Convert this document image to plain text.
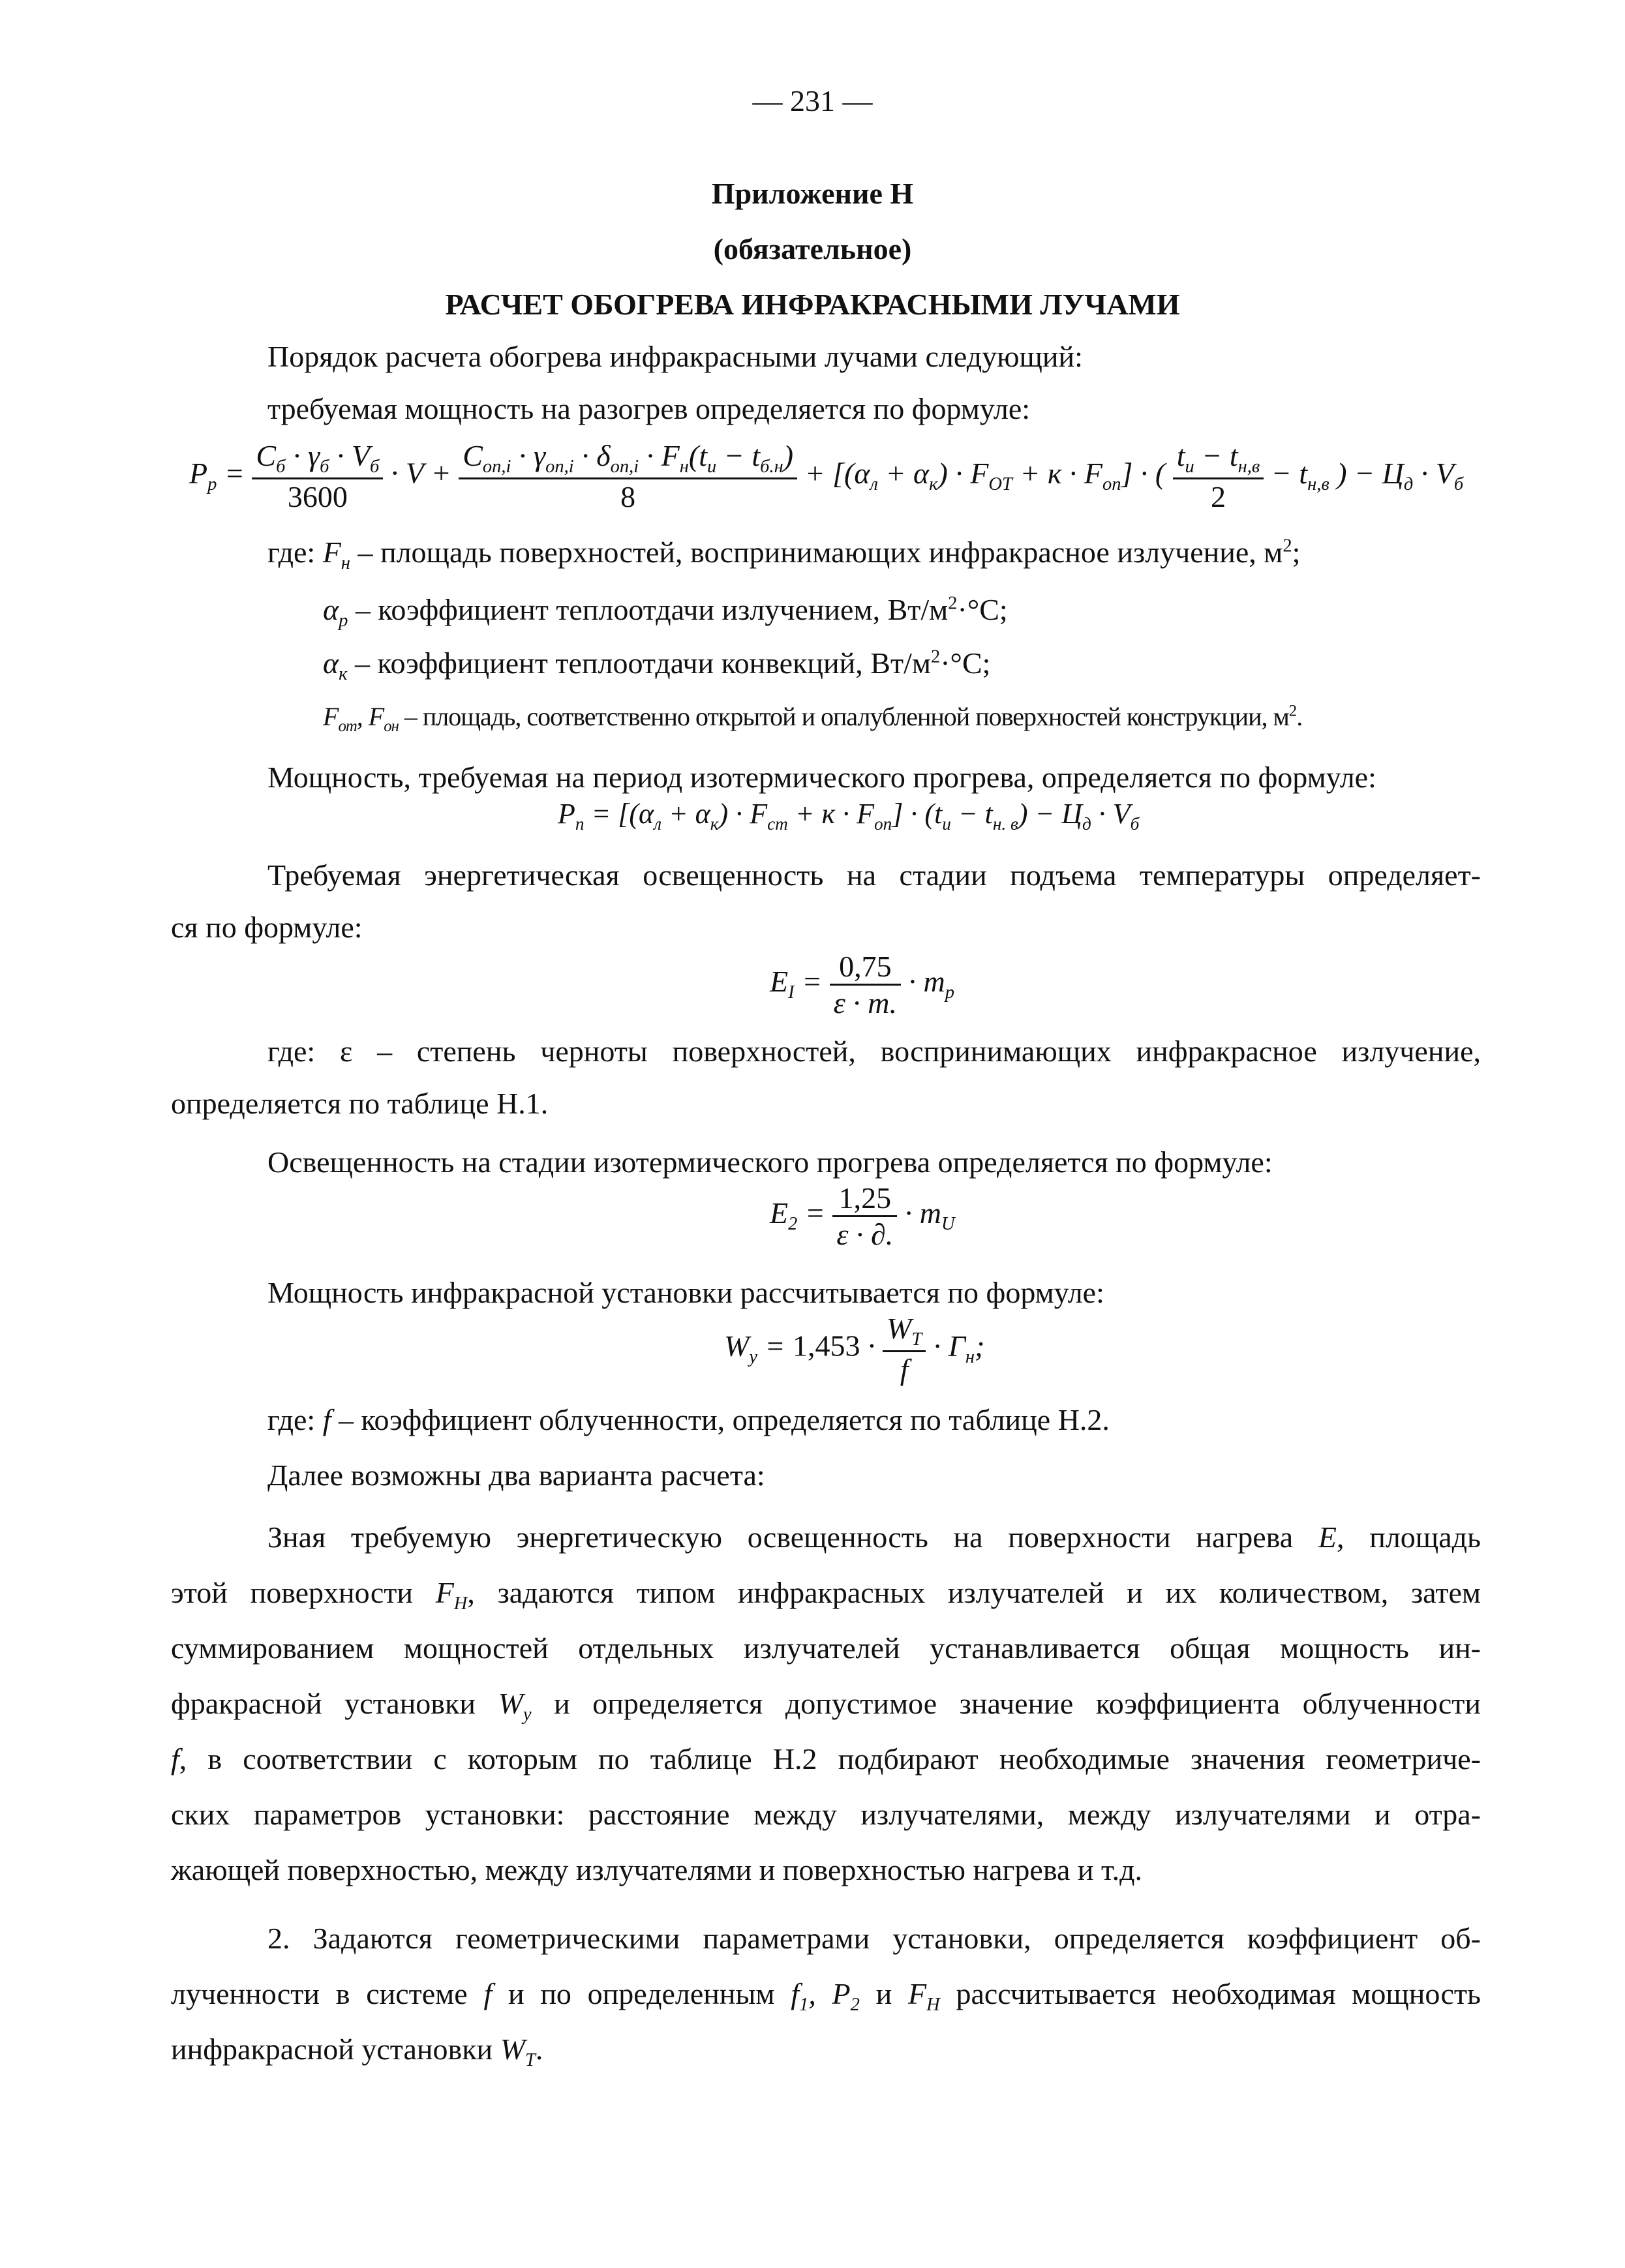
— 231 —
Приложение Н
(обязательное)
РАСЧЕТ ОБОГРЕВА ИНФРАКРАСНЫМИ ЛУЧАМИ
Порядок расчета обогрева инфракрасными лучами следующий:
требуемая мощность на разогрев определяется по формуле:
$P_р = \frac{C_б \cdot \gamma_б \cdot V_б}{3600} \cdot V + \frac{C_{оп,i} \cdot \gamma_{оп,i} \cdot \delta_{оп,i} \cdot F_н(t_и - t_{б.н})}{8} + [(\alpha_л + \alpha_к) \cdot F_{ОТ} + к \cdot F_{оп}]$ · ( $\frac{t_и - t_{н,в}}{2} - t_{н,в}$ ) − $Ц_д \cdot V_б$
где: $F_н$ – площадь поверхностей, воспринимающих инфракрасное излучение, $м^2$;
$\alpha_р$ – коэффициент теплоотдачи излучением, $Вт/м^2\cdot^\circ С$;
$\alpha_к$ – коэффициент теплоотдачи конвекций, $Вт/м^2\cdot^\circ С$;
$F_{от}$, $F_{он}$ – площадь, соответственно открытой и опалубленной поверхностей конструкции, $м^2$.
Мощность, требуемая на период изотермического прогрева, определяется по формуле:
$P_п = [(\alpha_л + \alpha_к) \cdot F_{ст} + к \cdot F_{оп}] \cdot (t_и - t_{н. в}) - Ц_д \cdot V_б$
Требуемая энергетическая освещенность на стадии подъема температуры определяет-
ся по формуле:
$E_I = \frac{0,75}{\varepsilon \cdot m.} \cdot m_р$
где: ε – степень черноты поверхностей, воспринимающих инфракрасное излучение,
определяется по таблице Н.1.
Освещенность на стадии изотермического прогрева определяется по формуле:
$E_2 = \frac{1,25}{\varepsilon \cdot \partial.} \cdot m_U$
Мощность инфракрасной установки рассчитывается по формуле:
$W_у = 1,453 \cdot \frac{W_T}{f} \cdot Г_н$;
где: f – коэффициент облученности, определяется по таблице Н.2.
Далее возможны два варианта расчета:
Зная требуемую энергетическую освещенность на поверхности нагрева E, площадь
этой поверхности $F_H$, задаются типом инфракрасных излучателей и их количеством, затем
суммированием мощностей отдельных излучателей устанавливается общая мощность ин-
фракрасной установки $W_y$ и определяется допустимое значение коэффициента облученности
f, в соответствии с которым по таблице Н.2 подбирают необходимые значения геометриче-
ских параметров установки: расстояние между излучателями, между излучателями и отра-
жающей поверхностью, между излучателями и поверхностью нагрева и т.д.
2. Задаются геометрическими параметрами установки, определяется коэффициент об-
лученности в системе f и по определенным $f_1$, $P_2$ и $F_H$ рассчитывается необходимая мощность
инфракрасной установки $W_T$.
